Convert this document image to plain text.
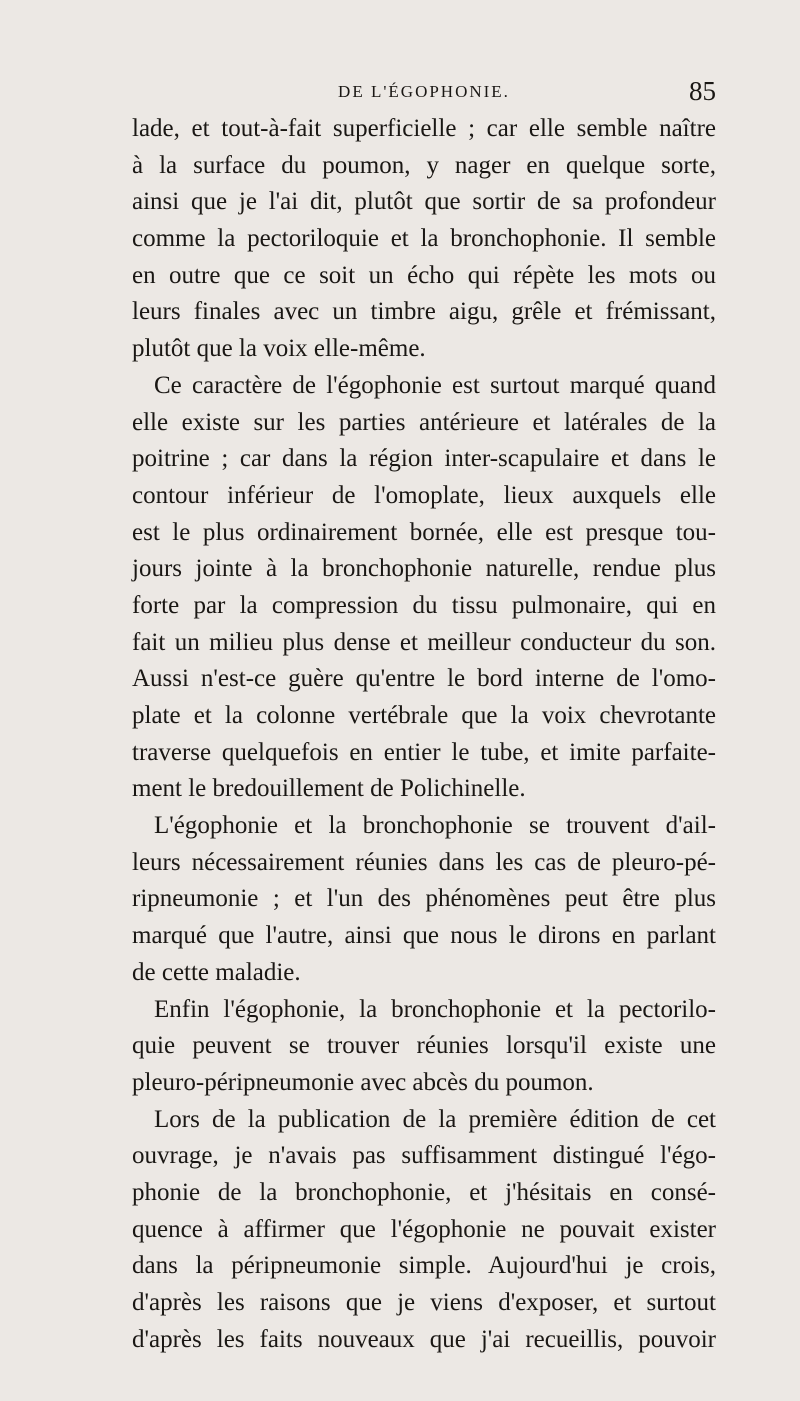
DE L'ÉGOPHONIE.	85
lade, et tout-à-fait superficielle ; car elle semble naître
à la surface du poumon, y nager en quelque sorte,
ainsi que je l'ai dit, plutôt que sortir de sa profondeur
comme la pectoriloquie et la bronchophonie. Il semble
en outre que ce soit un écho qui répète les mots ou
leurs finales avec un timbre aigu, grêle et frémissant,
plutôt que la voix elle-même.
Ce caractère de l'égophonie est surtout marqué quand
elle existe sur les parties antérieure et latérales de la
poitrine ; car dans la région inter-scapulaire et dans le
contour inférieur de l'omoplate, lieux auxquels elle
est le plus ordinairement bornée, elle est presque tou-
jours jointe à la bronchophonie naturelle, rendue plus
forte par la compression du tissu pulmonaire, qui en
fait un milieu plus dense et meilleur conducteur du son.
Aussi n'est-ce guère qu'entre le bord interne de l'omo-
plate et la colonne vertébrale que la voix chevrotante
traverse quelquefois en entier le tube, et imite parfaite-
ment le bredouillement de Polichinelle.
L'égophonie et la bronchophonie se trouvent d'ail-
leurs nécessairement réunies dans les cas de pleuro-pé-
ripneumonie ; et l'un des phénomènes peut être plus
marqué que l'autre, ainsi que nous le dirons en parlant
de cette maladie.
Enfin l'égophonie, la bronchophonie et la pectorilo-
quie peuvent se trouver réunies lorsqu'il existe une
pleuro-péripneumonie avec abcès du poumon.
Lors de la publication de la première édition de cet
ouvrage, je n'avais pas suffisamment distingué l'égo-
phonie de la bronchophonie, et j'hésitais en consé-
quence à affirmer que l'égophonie ne pouvait exister
dans la péripneumonie simple. Aujourd'hui je crois,
d'après les raisons que je viens d'exposer, et surtout
d'après les faits nouveaux que j'ai recueillis, pouvoir
